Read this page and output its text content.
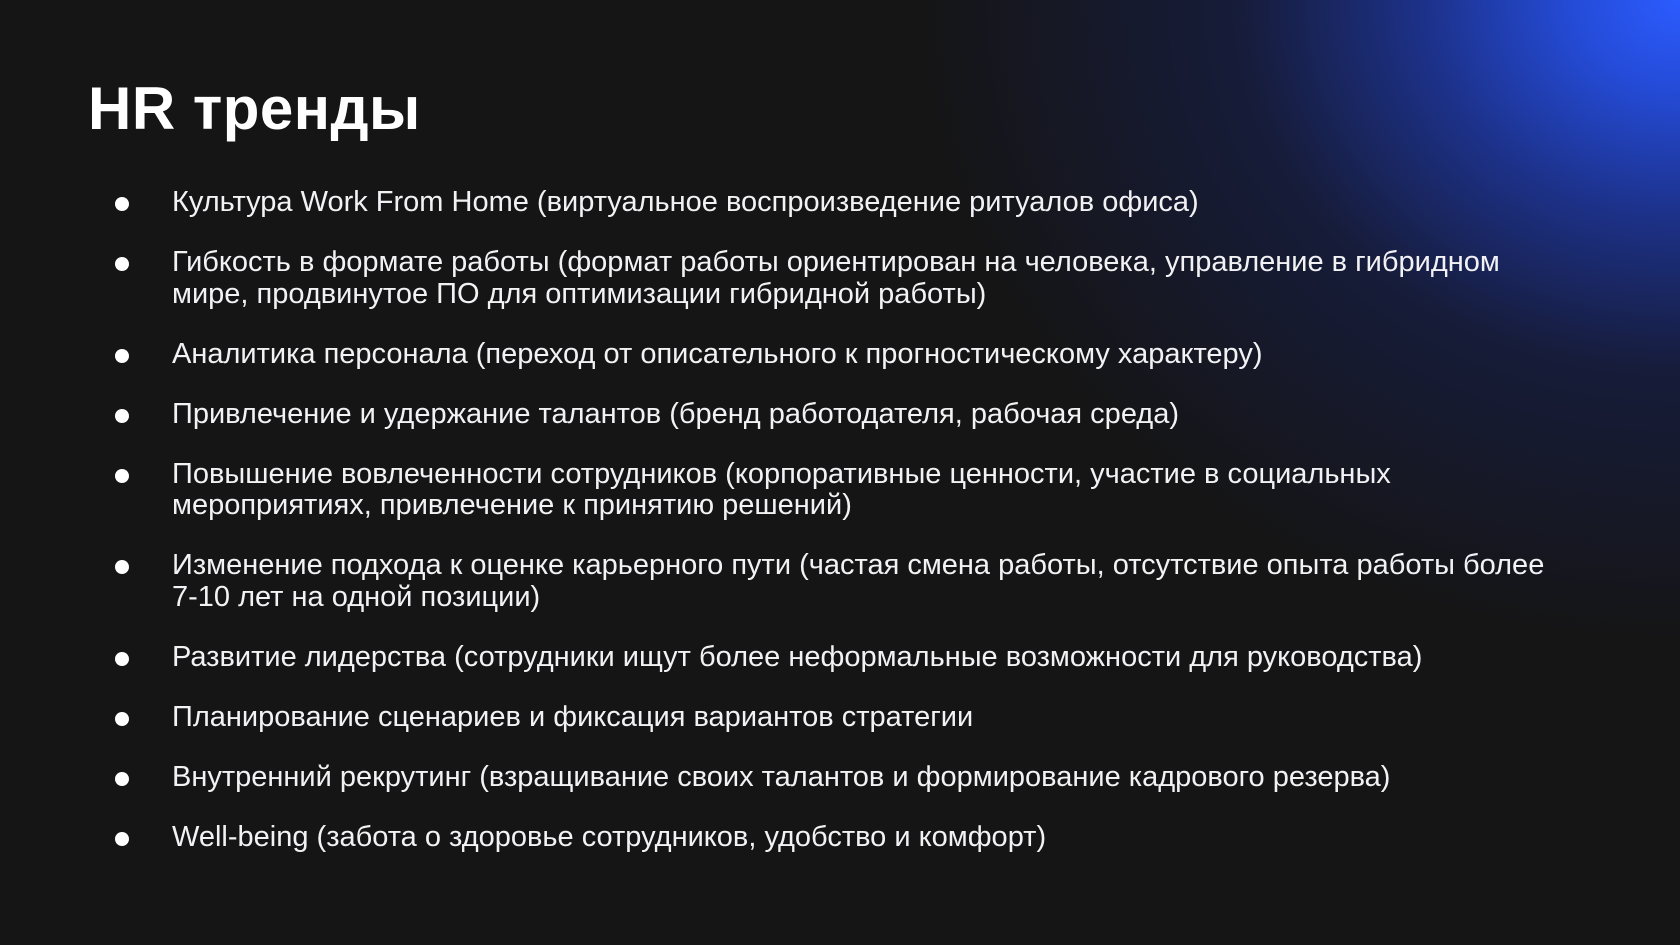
HR тренды
Культура Work From Home (виртуальное воспроизведение ритуалов офиса)
Гибкость в формате работы (формат работы ориентирован на человека, управление в гибридном мире, продвинутое ПО для оптимизации гибридной работы)
Аналитика персонала (переход от описательного к прогностическому характеру)
Привлечение и удержание талантов (бренд работодателя, рабочая среда)
Повышение вовлеченности сотрудников (корпоративные ценности, участие в социальных мероприятиях, привлечение к принятию решений)
Изменение подхода к оценке карьерного пути (частая смена работы, отсутствие опыта работы более 7-10 лет на одной позиции)
Развитие лидерства (сотрудники ищут более неформальные возможности для руководства)
Планирование сценариев и фиксация вариантов стратегии
Внутренний рекрутинг (взращивание своих талантов и формирование кадрового резерва)
Well-being (забота о здоровье сотрудников, удобство и комфорт)
